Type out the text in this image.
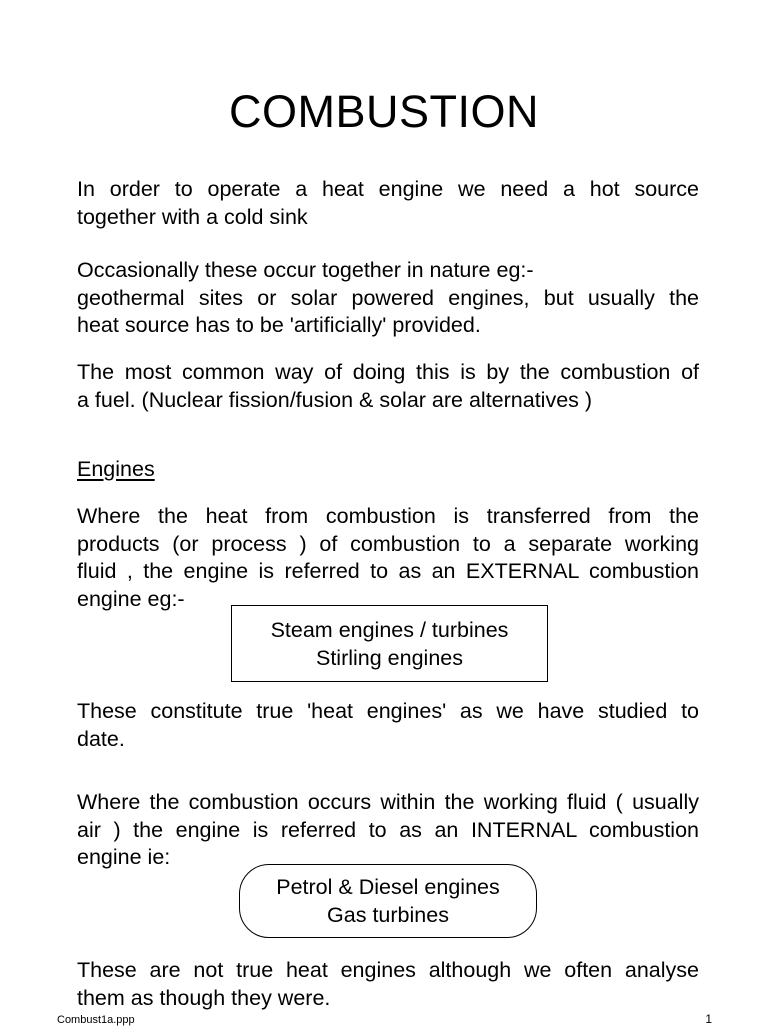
COMBUSTION
In order to operate a heat engine we need a hot source
together with a cold sink
Occasionally these occur together in nature eg:-
geothermal sites or solar powered engines, but usually the
heat source has to be 'artificially' provided.
The most common way of doing this is by the combustion of
a fuel. (Nuclear fission/fusion & solar are alternatives )
Engines
Where the heat from combustion is transferred from the
products (or process ) of combustion to a separate working
fluid , the engine is referred to as an EXTERNAL combustion
engine eg:-
Steam engines / turbines
Stirling engines
These constitute true 'heat engines' as we have studied to
date.
Where the combustion occurs within the working fluid ( usually
air ) the engine is referred to as an INTERNAL combustion
engine ie:
Petrol & Diesel engines
Gas turbines
These are not true heat engines although we often analyse
them as though they were.
Combust1a.ppp	1
